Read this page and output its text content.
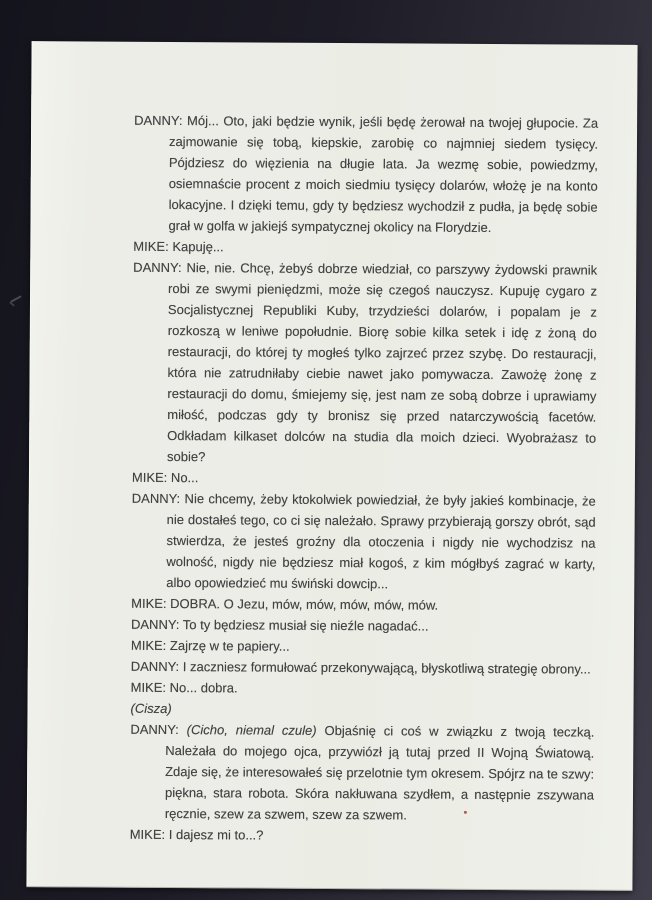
DANNY: Mój... Oto, jaki będzie wynik, jeśli będę żerował na twojej głupocie. Za zajmowanie się tobą, kiepskie, zarobię co najmniej siedem tysięcy. Pójdziesz do więzienia na długie lata. Ja wezmę sobie, powiedzmy, osiemnaście procent z moich siedmiu tysięcy dolarów, włożę je na konto lokacyjne. I dzięki temu, gdy ty będziesz wychodził z pudła, ja będę sobie grał w golfa w jakiejś sympatycznej okolicy na Florydzie.

MIKE: Kapuję...

DANNY: Nie, nie. Chcę, żebyś dobrze wiedział, co parszywy żydowski prawnik robi ze swymi pieniędzmi, może się czegoś nauczysz. Kupuję cygaro z Socjalistycznej Republiki Kuby, trzydzieści dolarów, i popalam je z rozkoszą w leniwe popołudnie. Biorę sobie kilka setek i idę z żoną do restauracji, do której ty mogłeś tylko zajrzeć przez szybę. Do restauracji, która nie zatrudniłaby ciebie nawet jako pomywacza. Zawożę żonę z restauracji do domu, śmiejemy się, jest nam ze sobą dobrze i uprawiamy miłość, podczas gdy ty bronisz się przed natarczywością facetów. Odkładam kilkaset dolców na studia dla moich dzieci. Wyobrażasz to sobie?

MIKE: No...

DANNY: Nie chcemy, żeby ktokolwiek powiedział, że były jakieś kombinacje, że nie dostałeś tego, co ci się należało. Sprawy przybierają gorszy obrót, sąd stwierdza, że jesteś groźny dla otoczenia i nigdy nie wychodzisz na wolność, nigdy nie będziesz miał kogoś, z kim mógłbyś zagrać w karty, albo opowiedzieć mu świński dowcip...

MIKE: DOBRA. O Jezu, mów, mów, mów, mów, mów.

DANNY: To ty będziesz musiał się nieźle nagadać...

MIKE: Zajrzę w te papiery...

DANNY: I zaczniesz formułować przekonywającą, błyskotliwą strategię obrony...

MIKE: No... dobra.

(Cisza)

DANNY: (Cicho, niemal czule) Objaśnię ci coś w związku z twoją teczką. Należała do mojego ojca, przywiózł ją tutaj przed II Wojną Światową. Zdaje się, że interesowałeś się przelotnie tym okresem. Spójrz na te szwy: piękna, stara robota. Skóra nakłuwana szydłem, a następnie zszywana ręcznie, szew za szwem, szew za szwem.

MIKE: I dajesz mi to...?
